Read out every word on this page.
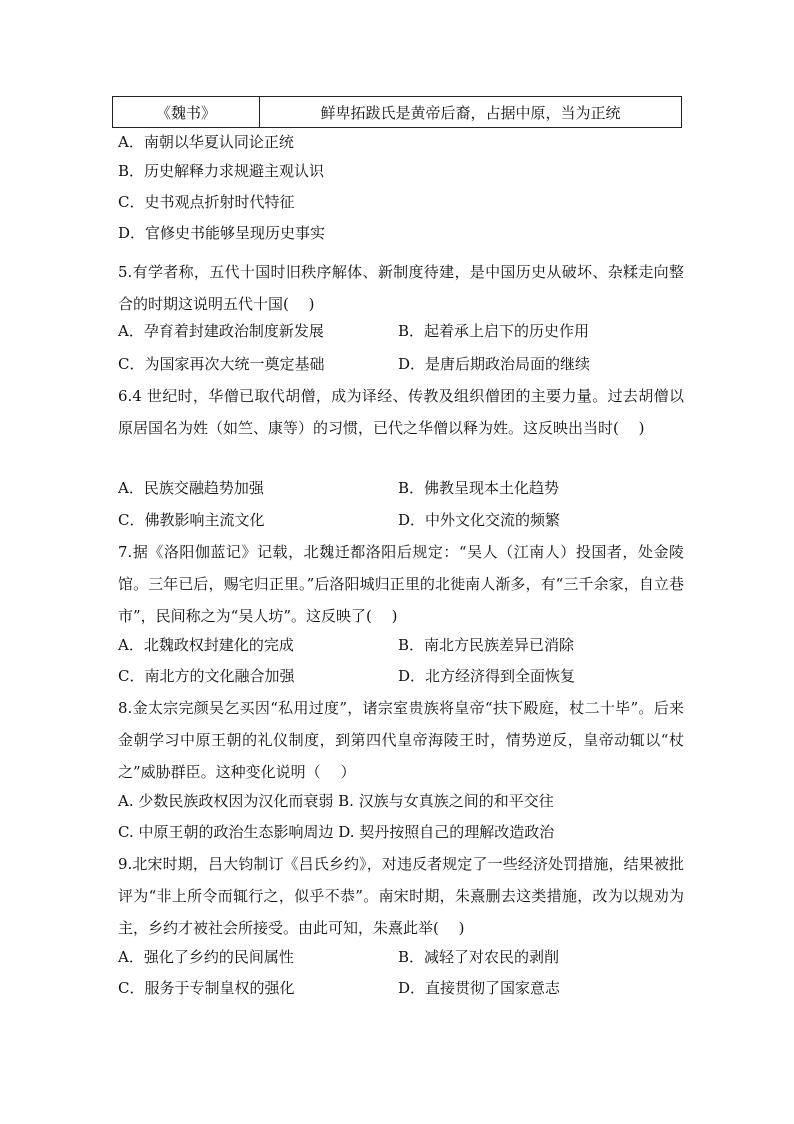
《魏书》	鲜卑拓跋氏是黄帝后裔，占据中原，当为正统
A．南朝以华夏认同论正统
B．历史解释力求规避主观认识
C．史书观点折射时代特征
D．官修史书能够呈现历史事实
5.有学者称，五代十国时旧秩序解体、新制度待建，是中国历史从破坏、杂糅走向整合的时期这说明五代十国(　 )
A．孕育着封建政治制度新发展	B．起着承上启下的历史作用
C．为国家再次大统一奠定基础	D．是唐后期政治局面的继续
6.4 世纪时，华僧已取代胡僧，成为译经、传教及组织僧团的主要力量。过去胡僧以原居国名为姓（如竺、康等）的习惯，已代之华僧以释为姓。这反映出当时(　 )
A．民族交融趋势加强	B．佛教呈现本土化趋势
C．佛教影响主流文化	D．中外文化交流的频繁
7.据《洛阳伽蓝记》记载，北魏迁都洛阳后规定：“吴人（江南人）投国者，处金陵馆。三年已后，赐宅归正里。”后洛阳城归正里的北徙南人渐多，有“三千余家，自立巷市”，民间称之为“吴人坊”。这反映了(　 )
A．北魏政权封建化的完成	B．南北方民族差异已消除
C．南北方的文化融合加强	D．北方经济得到全面恢复
8.金太宗完颜吴乞买因“私用过度”，诸宗室贵族将皇帝“扶下殿庭，杖二十毕”。后来金朝学习中原王朝的礼仪制度，到第四代皇帝海陵王时，情势逆反，皇帝动辄以“杖之”威胁群臣。这种变化说明（　 ）
A. 少数民族政权因为汉化而衰弱 B. 汉族与女真族之间的和平交往
C. 中原王朝的政治生态影响周边 D. 契丹按照自己的理解改造政治
9.北宋时期，吕大钧制订《吕氏乡约》，对违反者规定了一些经济处罚措施，结果被批评为“非上所令而辄行之，似乎不恭”。南宋时期，朱熹删去这类措施，改为以规劝为主，乡约才被社会所接受。由此可知，朱熹此举(　 )
A．强化了乡约的民间属性	B．减轻了对农民的剥削
C．服务于专制皇权的强化	D．直接贯彻了国家意志
